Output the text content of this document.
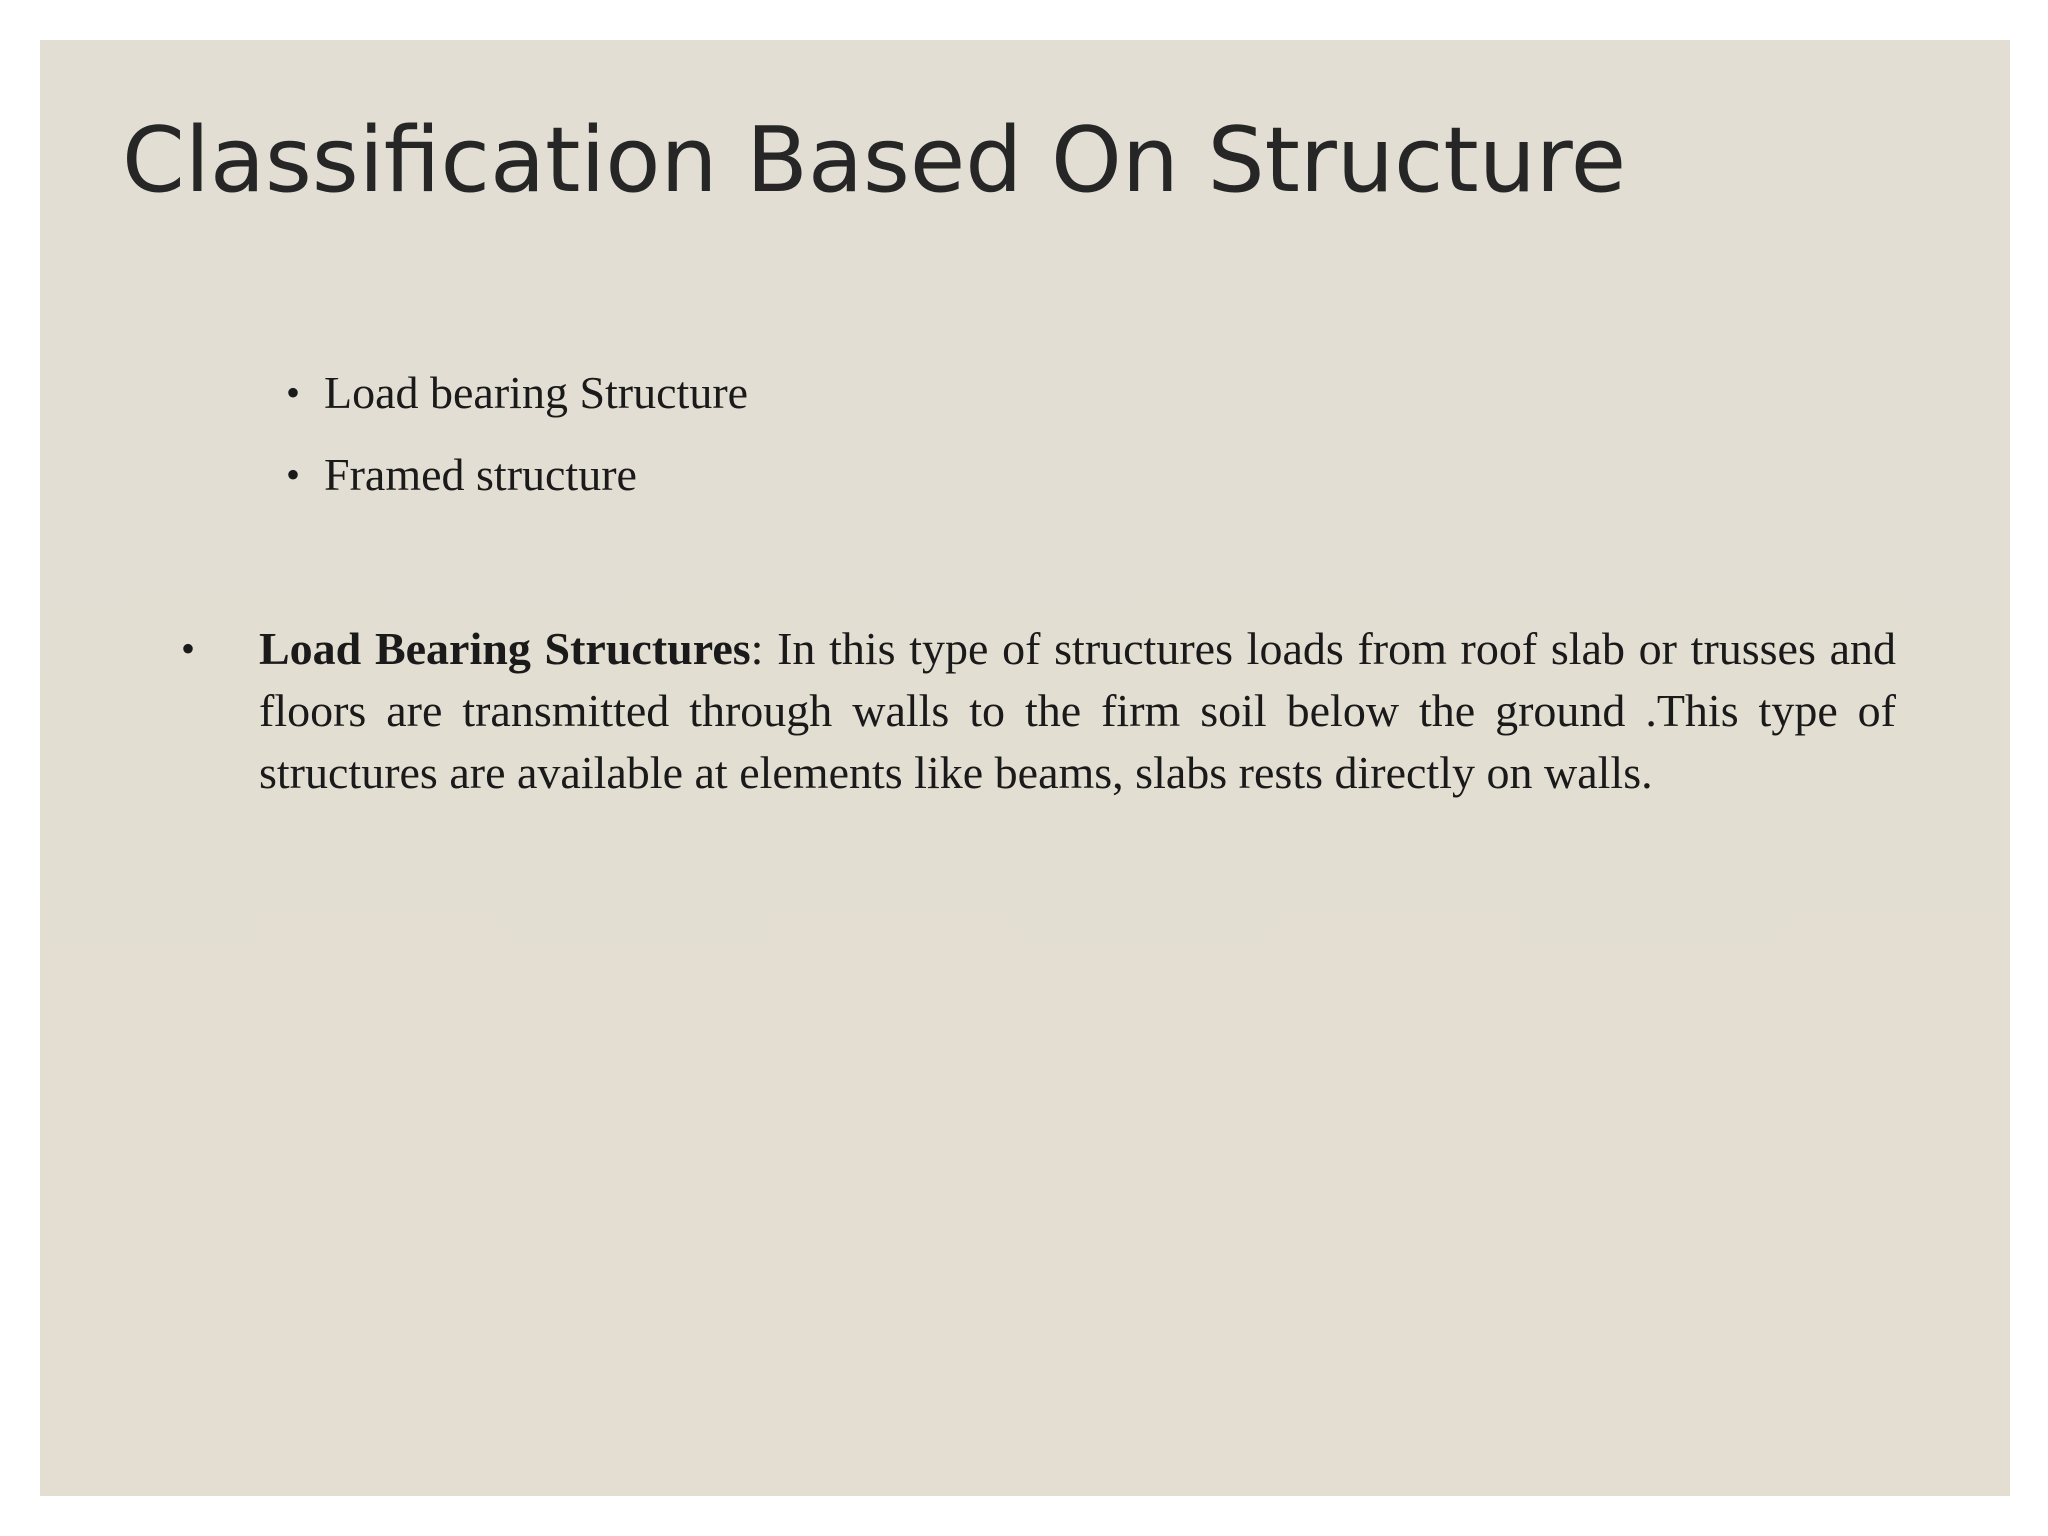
Classification Based On Structure
• Load bearing Structure
• Framed structure
• Load Bearing Structures: In this type of structures loads from roof slab or trusses and floors are transmitted through walls to the firm soil below the ground .This type of structures are available at elements like beams, slabs rests directly on walls.
